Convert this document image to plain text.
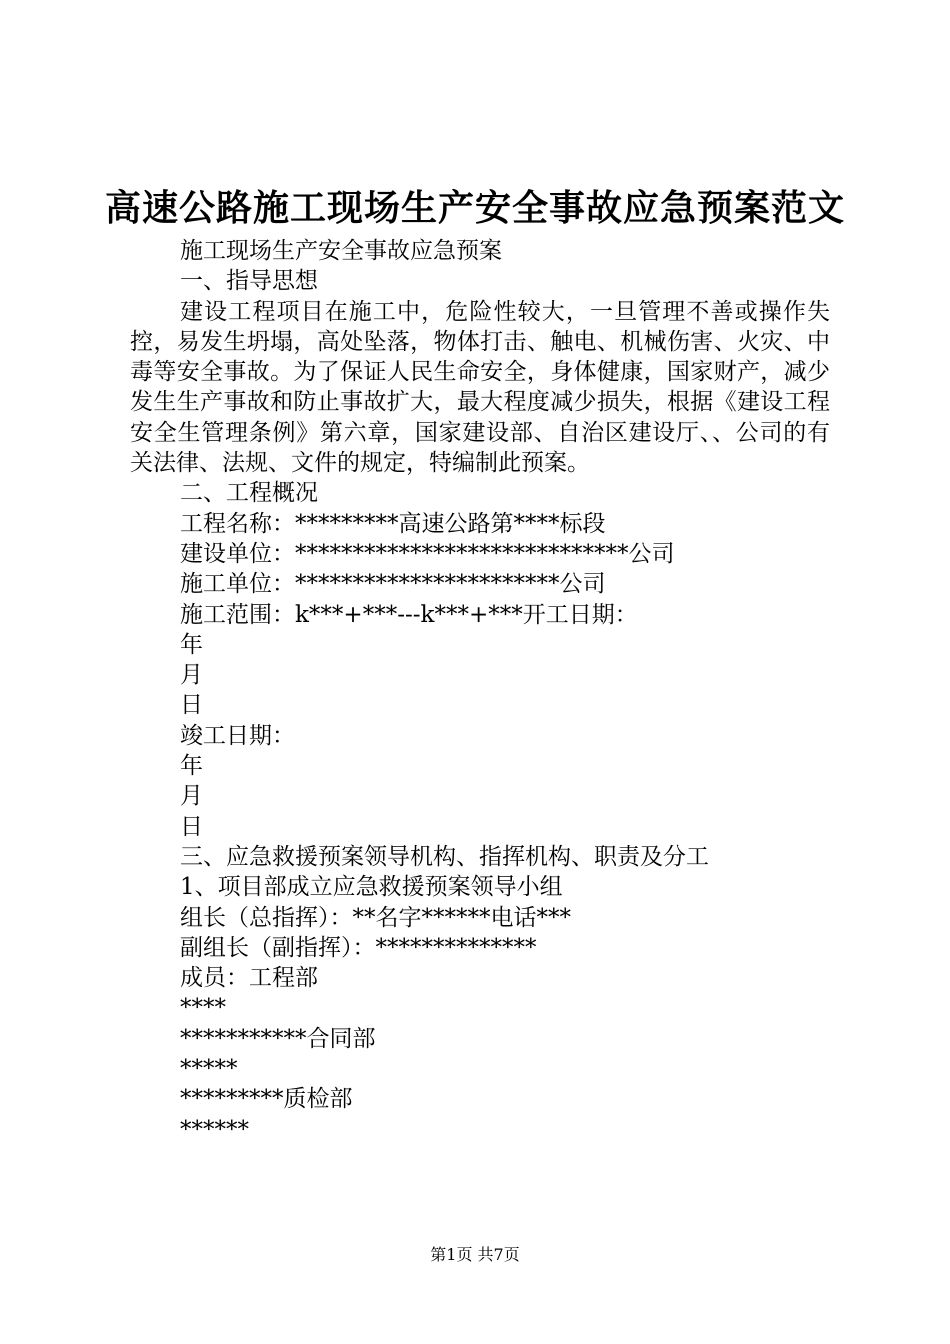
高速公路施工现场生产安全事故应急预案范文
施工现场生产安全事故应急预案
一、指导思想

建设工程项目在施工中，危险性较大，一旦管理不善或操作失控，易发生坍塌，高处坠落，物体打击、触电、机械伤害、火灾、中毒等安全事故。为了保证人民生命安全，身体健康，国家财产，减少发生生产事故和防止事故扩大，最大程度减少损失，根据《建设工程安全生管理条例》第六章，国家建设部、自治区建设厅、、公司的有关法律、法规、文件的规定，特编制此预案。

二、工程概况
工程名称：*********高速公路第****标段
建设单位：*****************************公司
施工单位：***********************公司
施工范围：k***+***---k***+***开工日期：
年
月
日
竣工日期：
年
月
日
三、应急救援预案领导机构、指挥机构、职责及分工
1、项目部成立应急救援预案领导小组
组长（总指挥）：**名字******电话***
副组长（副指挥）：**************
成员：工程部
****
***********合同部
*****
*********质检部
******
第1页 共7页
